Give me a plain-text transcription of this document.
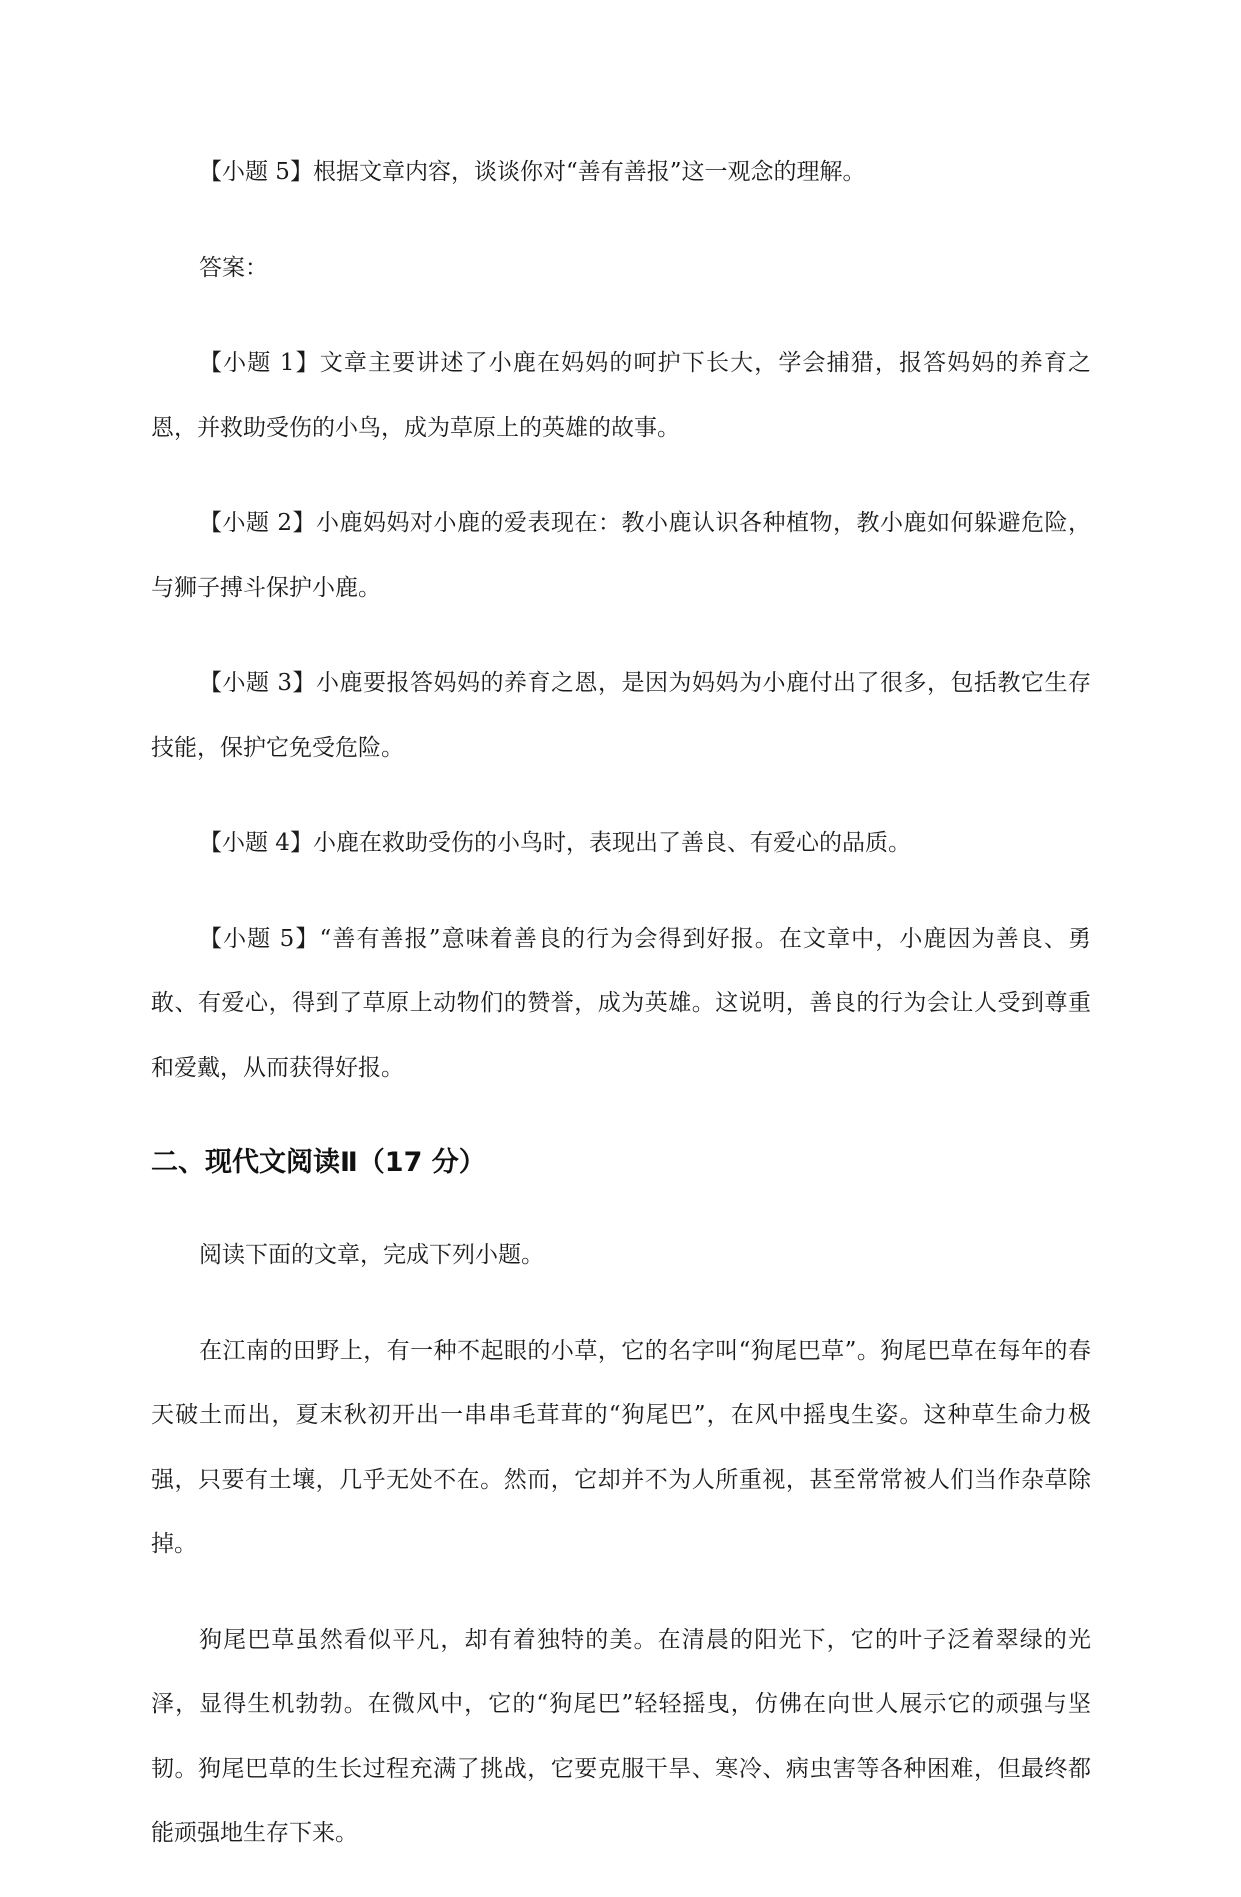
【小题 5】根据文章内容，谈谈你对“善有善报”这一观念的理解。

答案：

【小题 1】文章主要讲述了小鹿在妈妈的呵护下长大，学会捕猎，报答妈妈的养育之恩，并救助受伤的小鸟，成为草原上的英雄的故事。

【小题 2】小鹿妈妈对小鹿的爱表现在：教小鹿认识各种植物，教小鹿如何躲避危险，与狮子搏斗保护小鹿。

【小题 3】小鹿要报答妈妈的养育之恩，是因为妈妈为小鹿付出了很多，包括教它生存技能，保护它免受危险。

【小题 4】小鹿在救助受伤的小鸟时，表现出了善良、有爱心的品质。

【小题 5】“善有善报”意味着善良的行为会得到好报。在文章中，小鹿因为善良、勇敢、有爱心，得到了草原上动物们的赞誉，成为英雄。这说明，善良的行为会让人受到尊重和爱戴，从而获得好报。

二、现代文阅读Ⅱ（17 分）

阅读下面的文章，完成下列小题。

在江南的田野上，有一种不起眼的小草，它的名字叫“狗尾巴草”。狗尾巴草在每年的春天破土而出，夏末秋初开出一串串毛茸茸的“狗尾巴”，在风中摇曳生姿。这种草生命力极强，只要有土壤，几乎无处不在。然而，它却并不为人所重视，甚至常常被人们当作杂草除掉。

狗尾巴草虽然看似平凡，却有着独特的美。在清晨的阳光下，它的叶子泛着翠绿的光泽，显得生机勃勃。在微风中，它的“狗尾巴”轻轻摇曳，仿佛在向世人展示它的顽强与坚韧。狗尾巴草的生长过程充满了挑战，它要克服干旱、寒冷、病虫害等各种困难，但最终都能顽强地生存下来。
